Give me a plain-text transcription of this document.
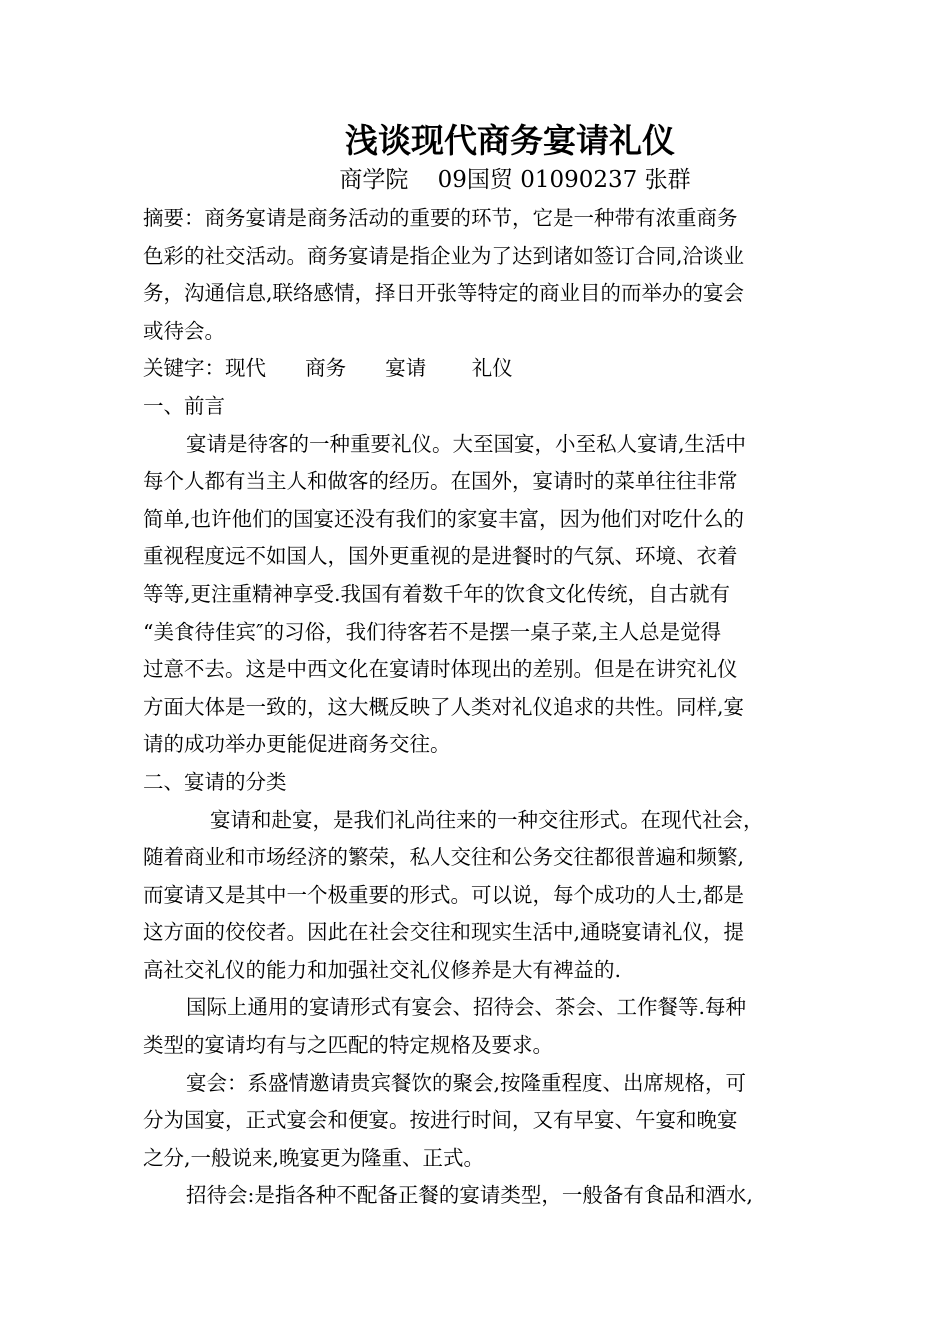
浅谈现代商务宴请礼仪
商学院    09国贸 01090237 张群
摘要：商务宴请是商务活动的重要的环节，它是一种带有浓重商务
色彩的社交活动。商务宴请是指企业为了达到诸如签订合同,洽谈业
务，沟通信息,联络感情，择日开张等特定的商业目的而举办的宴会
或待会。
关键字：现代      商务      宴请       礼仪
一、前言
宴请是待客的一种重要礼仪。大至国宴，小至私人宴请,生活中
每个人都有当主人和做客的经历。在国外，宴请时的菜单往往非常
简单,也许他们的国宴还没有我们的家宴丰富，因为他们对吃什么的
重视程度远不如国人，国外更重视的是进餐时的气氛、环境、衣着
等等,更注重精神享受.我国有着数千年的饮食文化传统，自古就有
“美食待佳宾″的习俗，我们待客若不是摆一桌子菜,主人总是觉得
过意不去。这是中西文化在宴请时体现出的差别。但是在讲究礼仪
方面大体是一致的，这大概反映了人类对礼仪追求的共性。同样,宴
请的成功举办更能促进商务交往。
二、宴请的分类
宴请和赴宴，是我们礼尚往来的一种交往形式。在现代社会，
随着商业和市场经济的繁荣，私人交往和公务交往都很普遍和频繁,
而宴请又是其中一个极重要的形式。可以说，每个成功的人士,都是
这方面的佼佼者。因此在社会交往和现实生活中,通晓宴请礼仪，提
高社交礼仪的能力和加强社交礼仪修养是大有裨益的.
国际上通用的宴请形式有宴会、招待会、茶会、工作餐等.每种
类型的宴请均有与之匹配的特定规格及要求。
宴会：系盛情邀请贵宾餐饮的聚会,按隆重程度、出席规格，可
分为国宴，正式宴会和便宴。按进行时间，又有早宴、午宴和晚宴
之分,一般说来,晚宴更为隆重、正式。
招待会:是指各种不配备正餐的宴请类型，一般备有食品和酒水,
